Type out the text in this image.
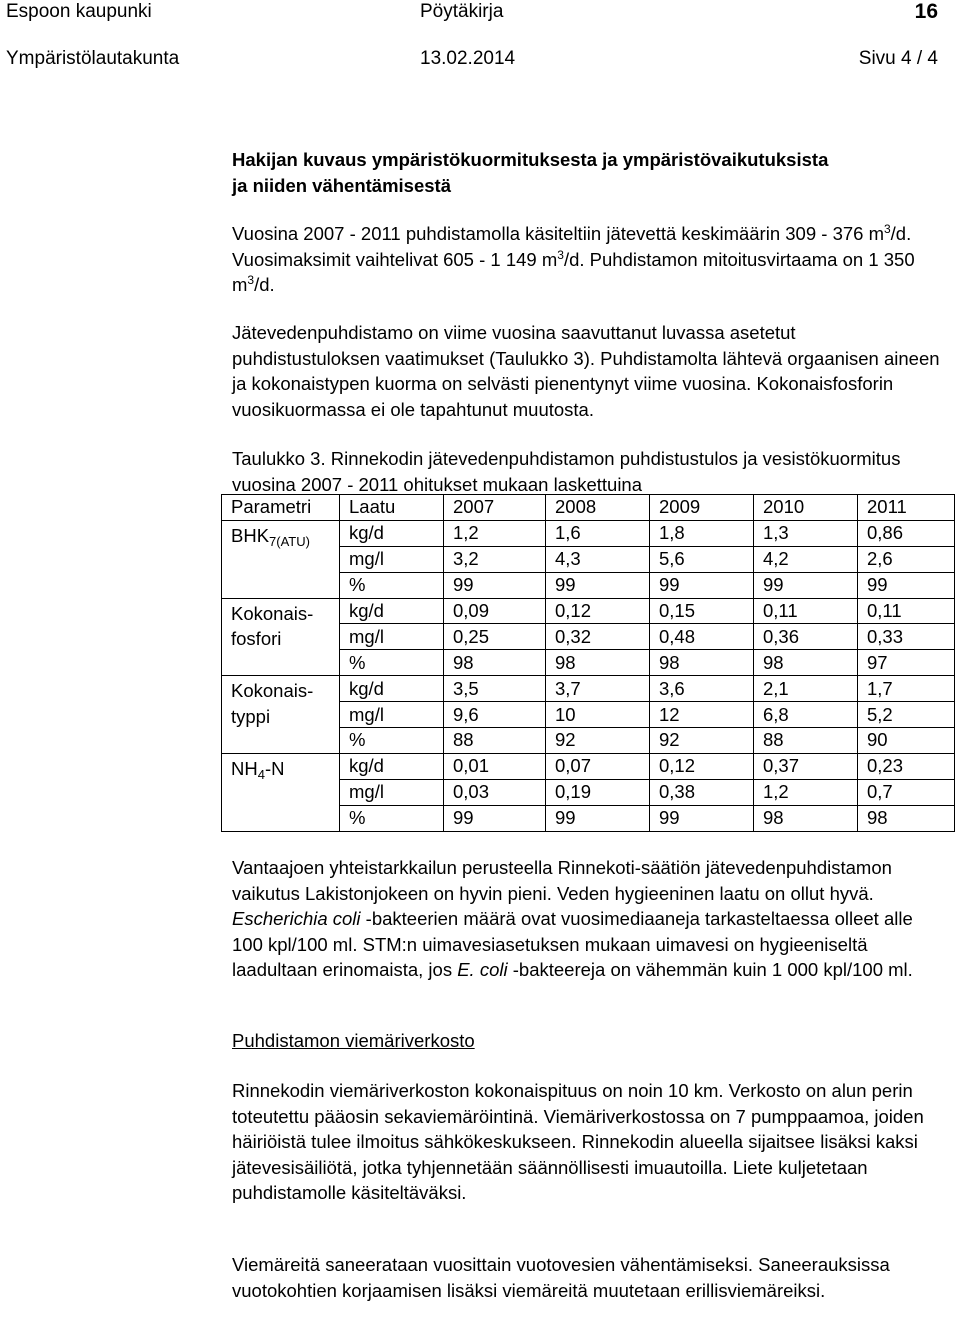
Espoon kaupunki	Pöytäkirja	16
Ympäristölautakunta	13.02.2014	Sivu 4 / 4

Hakijan kuvaus ympäristökuormituksesta ja ympäristövaikutuksista
ja niiden vähentämisestä

Vuosina 2007 - 2011 puhdistamolla käsiteltiin jätevettä keskimäärin 309 - 376 $m^3/d$. Vuosimaksimit vaihtelivat 605 - 1 149 $m^3/d$. Puhdistamon mitoitusvirtaama on 1 350 $m^3/d$.

Jätevedenpuhdistamo on viime vuosina saavuttanut luvassa asetetut puhdistustuloksen vaatimukset (Taulukko 3). Puhdistamolta lähtevä orgaanisen aineen ja kokonaistypen kuorma on selvästi pienentynyt viime vuosina. Kokonaisfosforin vuosikuormassa ei ole tapahtunut muutosta.

Taulukko 3. Rinnekodin jätevedenpuhdistamon puhdistustulos ja vesistökuormitus vuosina 2007 - 2011 ohitukset mukaan laskettuina

Parametri	Laatu	2007	2008	2009	2010	2011
$BHK_{7(ATU)}$	kg/d	1,2	1,6	1,8	1,3	0,86
	mg/l	3,2	4,3	5,6	4,2	2,6
	%	99	99	99	99	99
Kokonais-
fosfori	kg/d	0,09	0,12	0,15	0,11	0,11
	mg/l	0,25	0,32	0,48	0,36	0,33
	%	98	98	98	98	97
Kokonais-
typpi	kg/d	3,5	3,7	3,6	2,1	1,7
	mg/l	9,6	10	12	6,8	5,2
	%	88	92	92	88	90
$NH_4-N$	kg/d	0,01	0,07	0,12	0,37	0,23
	mg/l	0,03	0,19	0,38	1,2	0,7
	%	99	99	99	98	98

Vantaajoen yhteistarkkailun perusteella Rinnekoti-säätiön jätevedenpuhdistamon vaikutus Lakistonjokeen on hyvin pieni. Veden hygieeninen laatu on ollut hyvä. Escherichia coli -bakteerien määrä ovat vuosimediaaneja tarkasteltaessa olleet alle 100 kpl/100 ml. STM:n uimavesiasetuksen mukaan uimavesi on hygieeniseltä laadultaan erinomaista, jos E. coli -bakteereja on vähemmän kuin 1 000 kpl/100 ml.

Puhdistamon viemäriverkosto

Rinnekodin viemäriverkoston kokonaispituus on noin 10 km. Verkosto on alun perin toteutettu pääosin sekaviemäröintinä. Viemäriverkostossa on 7 pumppaamoa, joiden häiriöistä tulee ilmoitus sähkökeskukseen. Rinnekodin alueella sijaitsee lisäksi kaksi jätevesisäiliötä, jotka tyhjennetään säännöllisesti imuautoilla. Liete kuljetetaan puhdistamolle käsiteltäväksi.

Viemäreitä saneerataan vuosittain vuotovesien vähentämiseksi. Saneerauksissa vuotokohtien korjaamisen lisäksi viemäreitä muutetaan erillisviemäreiksi.
